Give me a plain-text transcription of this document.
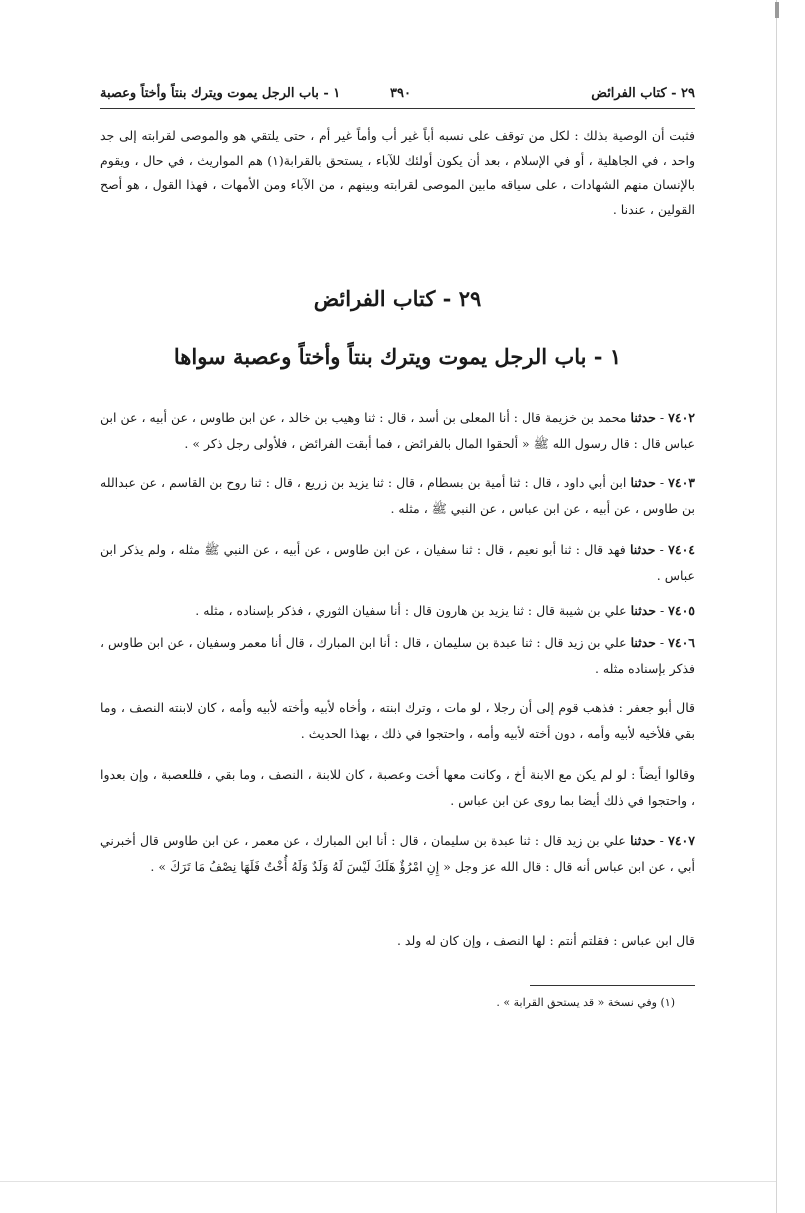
٢٩ - كتاب الفرائض
٣٩٠
١ - باب الرجل يموت ويترك بنتاً وأختاً وعصبة
فثبت أن الوصية بذلك : لكل من توقف على نسبه أباً غير أب وأماً غير أم ، حتى يلتقي هو والموصى لقرابته إلى جد واحد ، في الجاهلية ، أو في الإسلام ، بعد أن يكون أولئك للآباء ، يستحق بالقرابة(١) هم المواريث ، في حال ، ويقوم بالإنسان منهم الشهادات ، على سياقه مابين الموصى لقرابته وبينهم ، من الآباء ومن الأمهات ، فهذا القول ، هو أصح القولين ، عندنا .
٢٩ - كتاب الفرائض
١ - باب الرجل يموت ويترك بنتاً وأختاً وعصبة سواها
٧٤٠٢ - حدثنا محمد بن خزيمة قال : أنا المعلى بن أسد ، قال : ثنا وهيب بن خالد ، عن ابن طاوس ، عن أبيه ، عن ابن عباس قال : قال رسول الله ﷺ « ألحقوا المال بالفرائض ، فما أبقت الفرائض ، فلأولى رجل ذكر » .
٧٤٠٣ - حدثنا ابن أبي داود ، قال : ثنا أمية بن بسطام ، قال : ثنا يزيد بن زريع ، قال : ثنا روح بن القاسم ، عن عبدالله بن طاوس ، عن أبيه ، عن ابن عباس ، عن النبي ﷺ ، مثله .
٧٤٠٤ - حدثنا فهد قال : ثنا أبو نعيم ، قال : ثنا سفيان ، عن ابن طاوس ، عن أبيه ، عن النبي ﷺ مثله ، ولم يذكر ابن عباس .
٧٤٠٥ - حدثنا علي بن شيبة قال : ثنا يزيد بن هارون قال : أنا سفيان الثوري ، فذكر بإسناده ، مثله .
٧٤٠٦ - حدثنا علي بن زيد قال : ثنا عبدة بن سليمان ، قال : أنا ابن المبارك ، قال أنا معمر وسفيان ، عن ابن طاوس ، فذكر بإسناده مثله .
قال أبو جعفر : فذهب قوم إلى أن رجلا ، لو مات ، وترك ابنته ، وأخاه لأبيه وأخته لأبيه وأمه ، كان لابنته النصف ، وما بقي فلأخيه لأبيه وأمه ، دون أخته لأبيه وأمه ، واحتجوا في ذلك ، بهذا الحديث .
وقالوا أيضاً : لو لم يكن مع الابنة أخ ، وكانت معها أخت وعصبة ، كان للابنة ، النصف ، وما بقي ، فللعصبة ، وإن بعدوا ، واحتجوا في ذلك أيضا بما روى عن ابن عباس .
٧٤٠٧ - حدثنا علي بن زيد قال : ثنا عبدة بن سليمان ، قال : أنا ابن المبارك ، عن معمر ، عن ابن طاوس قال أخبرني أبي ، عن ابن عباس أنه قال : قال الله عز وجل « إِنِ امْرُؤٌ هَلَكَ لَيْسَ لَهُ وَلَدٌ وَلَهُ أُخْتٌ فَلَهَا نِصْفُ مَا تَرَكَ » .
قال ابن عباس : فقلتم أنتم : لها النصف ، وإن كان له ولد .
(١) وفي نسخة « قد يستحق القرابة » .
